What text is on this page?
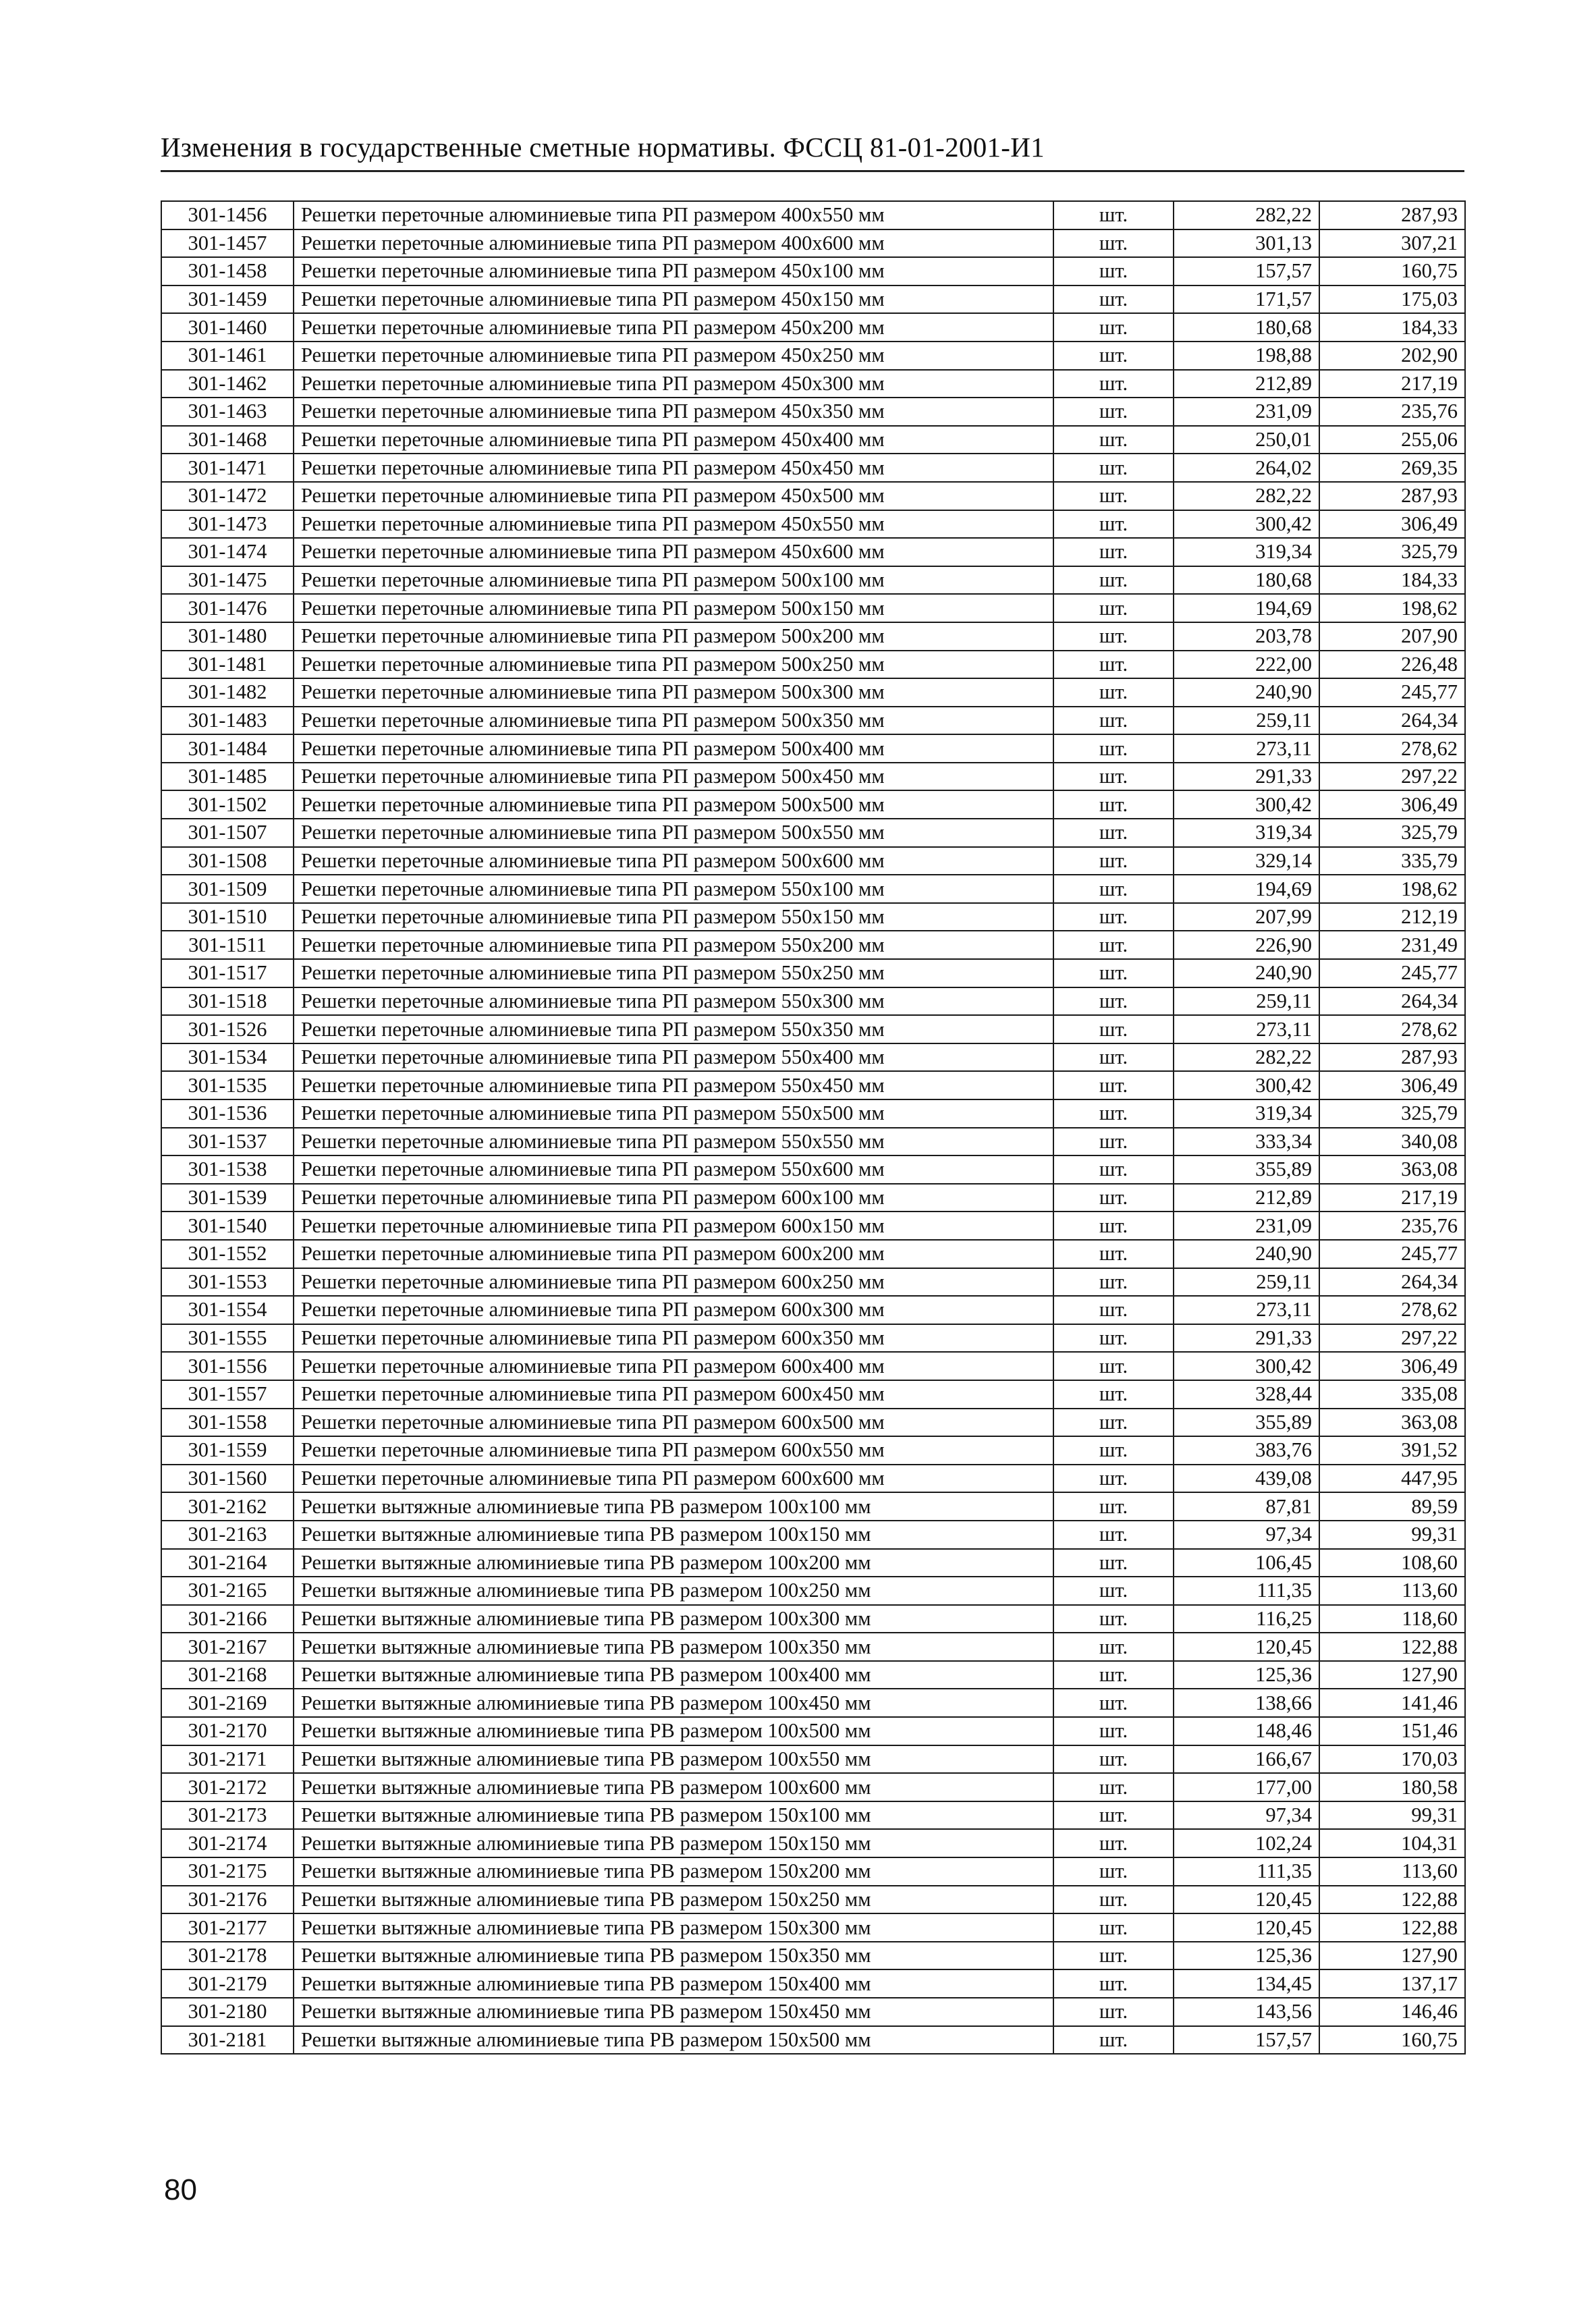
Изменения в государственные сметные нормативы. ФССЦ 81-01-2001-И1
301-1456	Решетки переточные алюминиевые типа РП размером 400х550 мм	шт.	282,22	287,93
301-1457	Решетки переточные алюминиевые типа РП размером 400х600 мм	шт.	301,13	307,21
301-1458	Решетки переточные алюминиевые типа РП размером 450х100 мм	шт.	157,57	160,75
301-1459	Решетки переточные алюминиевые типа РП размером 450х150 мм	шт.	171,57	175,03
301-1460	Решетки переточные алюминиевые типа РП размером 450х200 мм	шт.	180,68	184,33
301-1461	Решетки переточные алюминиевые типа РП размером 450х250 мм	шт.	198,88	202,90
301-1462	Решетки переточные алюминиевые типа РП размером 450х300 мм	шт.	212,89	217,19
301-1463	Решетки переточные алюминиевые типа РП размером 450х350 мм	шт.	231,09	235,76
301-1468	Решетки переточные алюминиевые типа РП размером 450х400 мм	шт.	250,01	255,06
301-1471	Решетки переточные алюминиевые типа РП размером 450х450 мм	шт.	264,02	269,35
301-1472	Решетки переточные алюминиевые типа РП размером 450х500 мм	шт.	282,22	287,93
301-1473	Решетки переточные алюминиевые типа РП размером 450х550 мм	шт.	300,42	306,49
301-1474	Решетки переточные алюминиевые типа РП размером 450х600 мм	шт.	319,34	325,79
301-1475	Решетки переточные алюминиевые типа РП размером 500х100 мм	шт.	180,68	184,33
301-1476	Решетки переточные алюминиевые типа РП размером 500х150 мм	шт.	194,69	198,62
301-1480	Решетки переточные алюминиевые типа РП размером 500х200 мм	шт.	203,78	207,90
301-1481	Решетки переточные алюминиевые типа РП размером 500х250 мм	шт.	222,00	226,48
301-1482	Решетки переточные алюминиевые типа РП размером 500х300 мм	шт.	240,90	245,77
301-1483	Решетки переточные алюминиевые типа РП размером 500х350 мм	шт.	259,11	264,34
301-1484	Решетки переточные алюминиевые типа РП размером 500х400 мм	шт.	273,11	278,62
301-1485	Решетки переточные алюминиевые типа РП размером 500х450 мм	шт.	291,33	297,22
301-1502	Решетки переточные алюминиевые типа РП размером 500х500 мм	шт.	300,42	306,49
301-1507	Решетки переточные алюминиевые типа РП размером 500х550 мм	шт.	319,34	325,79
301-1508	Решетки переточные алюминиевые типа РП размером 500х600 мм	шт.	329,14	335,79
301-1509	Решетки переточные алюминиевые типа РП размером 550х100 мм	шт.	194,69	198,62
301-1510	Решетки переточные алюминиевые типа РП размером 550х150 мм	шт.	207,99	212,19
301-1511	Решетки переточные алюминиевые типа РП размером 550х200 мм	шт.	226,90	231,49
301-1517	Решетки переточные алюминиевые типа РП размером 550х250 мм	шт.	240,90	245,77
301-1518	Решетки переточные алюминиевые типа РП размером 550х300 мм	шт.	259,11	264,34
301-1526	Решетки переточные алюминиевые типа РП размером 550х350 мм	шт.	273,11	278,62
301-1534	Решетки переточные алюминиевые типа РП размером 550х400 мм	шт.	282,22	287,93
301-1535	Решетки переточные алюминиевые типа РП размером 550х450 мм	шт.	300,42	306,49
301-1536	Решетки переточные алюминиевые типа РП размером 550х500 мм	шт.	319,34	325,79
301-1537	Решетки переточные алюминиевые типа РП размером 550х550 мм	шт.	333,34	340,08
301-1538	Решетки переточные алюминиевые типа РП размером 550х600 мм	шт.	355,89	363,08
301-1539	Решетки переточные алюминиевые типа РП размером 600х100 мм	шт.	212,89	217,19
301-1540	Решетки переточные алюминиевые типа РП размером 600х150 мм	шт.	231,09	235,76
301-1552	Решетки переточные алюминиевые типа РП размером 600х200 мм	шт.	240,90	245,77
301-1553	Решетки переточные алюминиевые типа РП размером 600х250 мм	шт.	259,11	264,34
301-1554	Решетки переточные алюминиевые типа РП размером 600х300 мм	шт.	273,11	278,62
301-1555	Решетки переточные алюминиевые типа РП размером 600х350 мм	шт.	291,33	297,22
301-1556	Решетки переточные алюминиевые типа РП размером 600х400 мм	шт.	300,42	306,49
301-1557	Решетки переточные алюминиевые типа РП размером 600х450 мм	шт.	328,44	335,08
301-1558	Решетки переточные алюминиевые типа РП размером 600х500 мм	шт.	355,89	363,08
301-1559	Решетки переточные алюминиевые типа РП размером 600х550 мм	шт.	383,76	391,52
301-1560	Решетки переточные алюминиевые типа РП размером 600х600 мм	шт.	439,08	447,95
301-2162	Решетки вытяжные алюминиевые типа РВ размером 100х100 мм	шт.	87,81	89,59
301-2163	Решетки вытяжные алюминиевые типа РВ размером 100х150 мм	шт.	97,34	99,31
301-2164	Решетки вытяжные алюминиевые типа РВ размером 100х200 мм	шт.	106,45	108,60
301-2165	Решетки вытяжные алюминиевые типа РВ размером 100х250 мм	шт.	111,35	113,60
301-2166	Решетки вытяжные алюминиевые типа РВ размером 100х300 мм	шт.	116,25	118,60
301-2167	Решетки вытяжные алюминиевые типа РВ размером 100х350 мм	шт.	120,45	122,88
301-2168	Решетки вытяжные алюминиевые типа РВ размером 100х400 мм	шт.	125,36	127,90
301-2169	Решетки вытяжные алюминиевые типа РВ размером 100х450 мм	шт.	138,66	141,46
301-2170	Решетки вытяжные алюминиевые типа РВ размером 100х500 мм	шт.	148,46	151,46
301-2171	Решетки вытяжные алюминиевые типа РВ размером 100х550 мм	шт.	166,67	170,03
301-2172	Решетки вытяжные алюминиевые типа РВ размером 100х600 мм	шт.	177,00	180,58
301-2173	Решетки вытяжные алюминиевые типа РВ размером 150х100 мм	шт.	97,34	99,31
301-2174	Решетки вытяжные алюминиевые типа РВ размером 150х150 мм	шт.	102,24	104,31
301-2175	Решетки вытяжные алюминиевые типа РВ размером 150х200 мм	шт.	111,35	113,60
301-2176	Решетки вытяжные алюминиевые типа РВ размером 150х250 мм	шт.	120,45	122,88
301-2177	Решетки вытяжные алюминиевые типа РВ размером 150х300 мм	шт.	120,45	122,88
301-2178	Решетки вытяжные алюминиевые типа РВ размером 150х350 мм	шт.	125,36	127,90
301-2179	Решетки вытяжные алюминиевые типа РВ размером 150х400 мм	шт.	134,45	137,17
301-2180	Решетки вытяжные алюминиевые типа РВ размером 150х450 мм	шт.	143,56	146,46
301-2181	Решетки вытяжные алюминиевые типа РВ размером 150х500 мм	шт.	157,57	160,75
80
